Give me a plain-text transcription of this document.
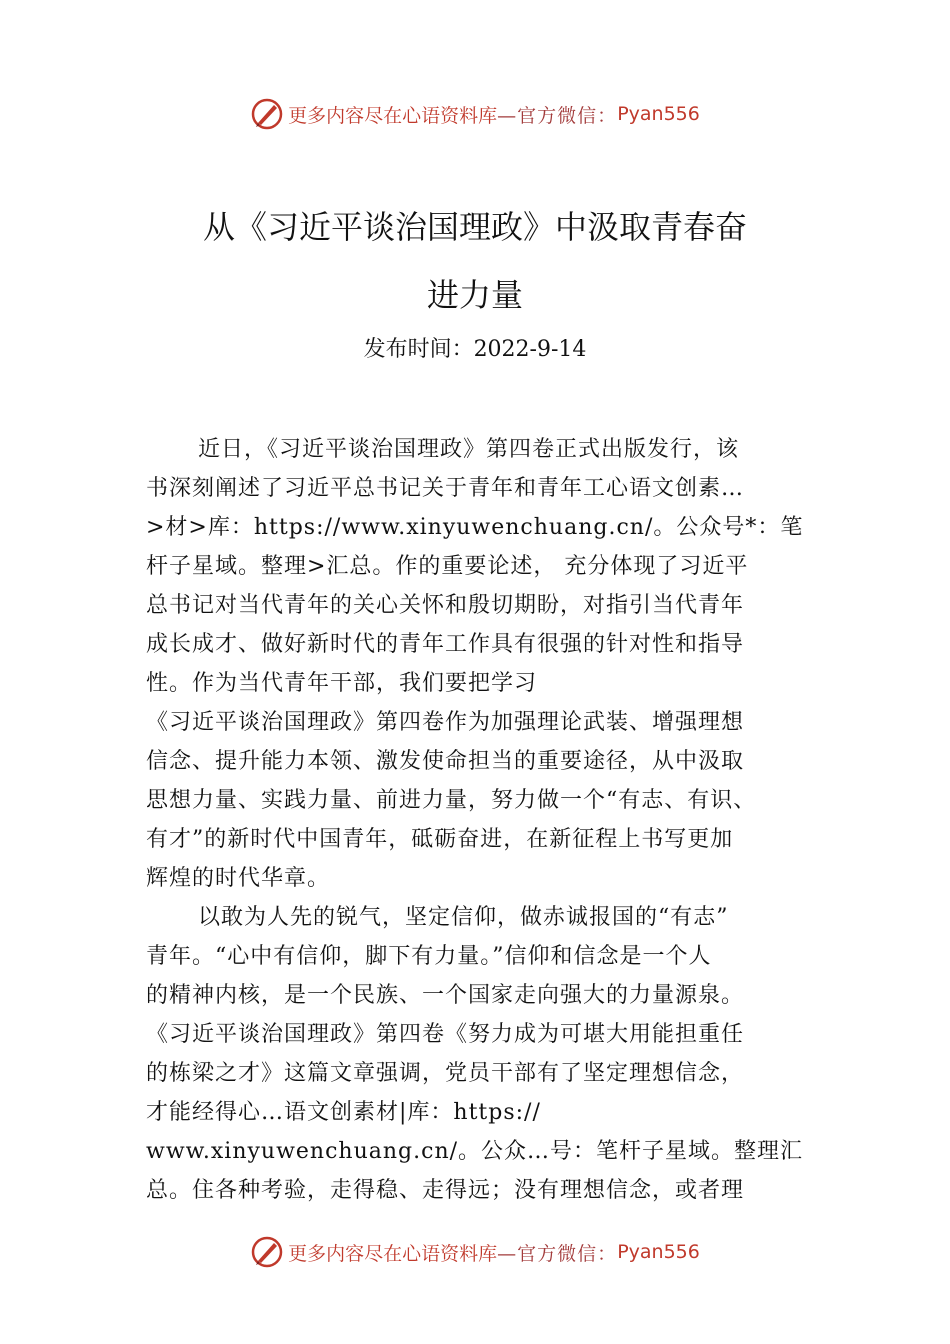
更多内容尽在心语资料库 —官方微信： Pyan556
从《习近平谈治国理政》中汲取青春奋
进力量
发布时间：2022-9-14
近日，《习近平谈治国理政》第四卷正式出版发行，该
书深刻阐述了习近平总书记关于青年和青年工心语文创素…
>材>库：https://www.xinyuwenchuang.cn/。公众号*：笔
杆子星域。整理>汇总。作的重要论述， 充分体现了习近平
总书记对当代青年的关心关怀和殷切期盼，对指引当代青年
成长成才、做好新时代的青年工作具有很强的针对性和指导
性。作为当代青年干部，我们要把学习
《习近平谈治国理政》第四卷作为加强理论武装、增强理想
信念、提升能力本领、激发使命担当的重要途径，从中汲取
思想力量、实践力量、前进力量，努力做一个“有志、有识、
有才”的新时代中国青年，砥砺奋进，在新征程上书写更加
辉煌的时代华章。
以敢为人先的锐气，坚定信仰，做赤诚报国的“有志”
青年。“心中有信仰，脚下有力量。”信仰和信念是一个人
的精神内核，是一个民族、一个国家走向强大的力量源泉。
《习近平谈治国理政》第四卷《努力成为可堪大用能担重任
的栋梁之才》这篇文章强调，党员干部有了坚定理想信念，
才能经得心…语文创素材|库：https://
www.xinyuwenchuang.cn/。公众…号：笔杆子星域。整理汇
总。住各种考验，走得稳、走得远；没有理想信念，或者理
更多内容尽在心语资料库 —官方微信： Pyan556
